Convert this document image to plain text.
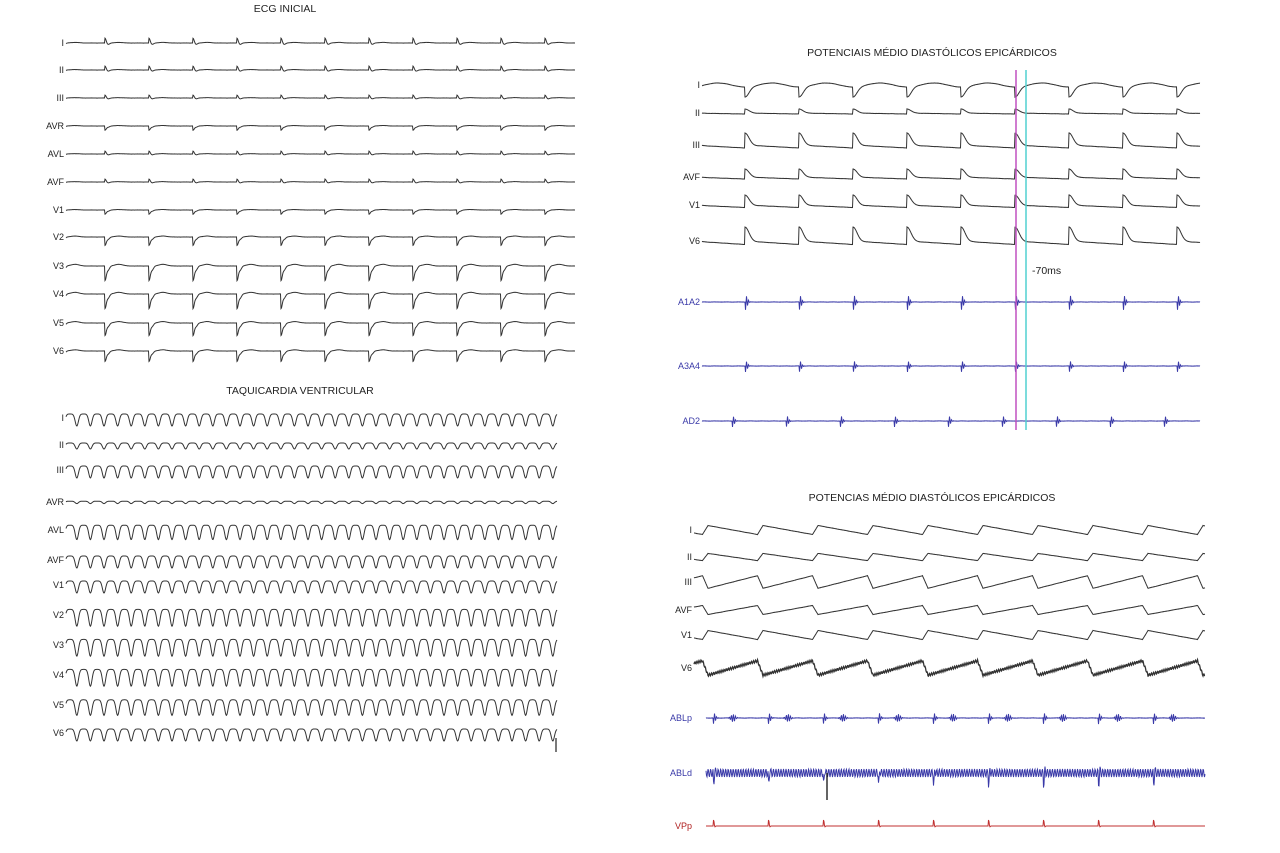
ECG INICIAL
TAQUICARDIA VENTRICULAR
POTENCIAIS MÉDIO DIASTÓLICOS EPICÁRDICOS
POTENCIAS MÉDIO DIASTÓLICOS EPICÁRDICOS
-70ms
I
II
III
AVR
AVL
AVF
V1
V2
V3
V4
V5
V6
I
II
III
AVR
AVL
AVF
V1
V2
V3
V4
V5
V6
I
II
III
AVF
V1
V6
A1A2
A3A4
AD2
I
II
III
AVF
V1
V6
ABLp
ABLd
VPp
